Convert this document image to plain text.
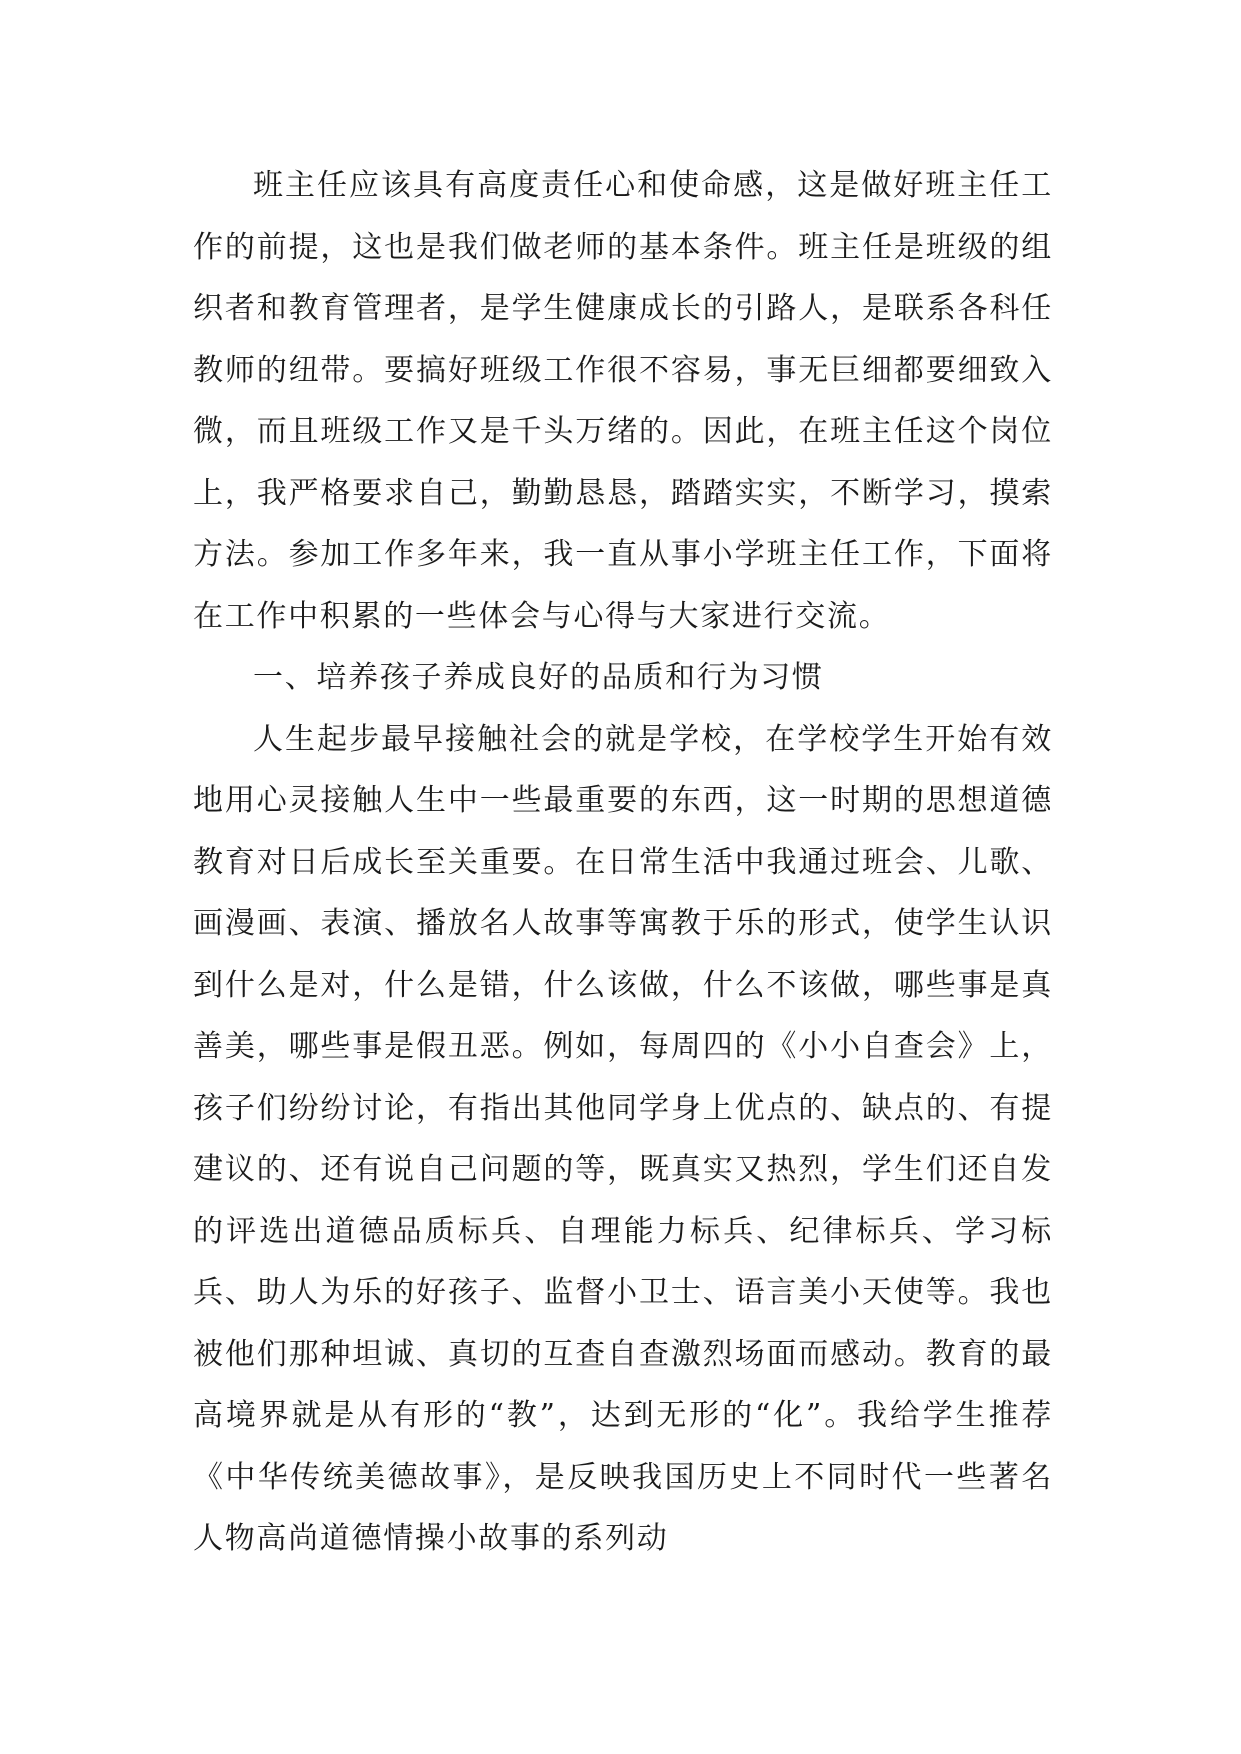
班主任应该具有高度责任心和使命感，这是做好班主任工作的前提，这也是我们做老师的基本条件。班主任是班级的组织者和教育管理者，是学生健康成长的引路人，是联系各科任教师的纽带。要搞好班级工作很不容易，事无巨细都要细致入微，而且班级工作又是千头万绪的。因此，在班主任这个岗位上，我严格要求自己，勤勤恳恳，踏踏实实，不断学习，摸索方法。参加工作多年来，我一直从事小学班主任工作，下面将在工作中积累的一些体会与心得与大家进行交流。

一、培养孩子养成良好的品质和行为习惯

人生起步最早接触社会的就是学校，在学校学生开始有效地用心灵接触人生中一些最重要的东西，这一时期的思想道德教育对日后成长至关重要。在日常生活中我通过班会、儿歌、画漫画、表演、播放名人故事等寓教于乐的形式，使学生认识到什么是对，什么是错，什么该做，什么不该做，哪些事是真善美，哪些事是假丑恶。例如，每周四的《小小自查会》上，孩子们纷纷讨论，有指出其他同学身上优点的、缺点的、有提建议的、还有说自己问题的等，既真实又热烈，学生们还自发的评选出道德品质标兵、自理能力标兵、纪律标兵、学习标兵、助人为乐的好孩子、监督小卫士、语言美小天使等。我也被他们那种坦诚、真切的互查自查激烈场面而感动。教育的最高境界就是从有形的“教”，达到无形的“化”。我给学生推荐《中华传统美德故事》，是反映我国历史上不同时代一些著名人物高尚道德情操小故事的系列动
